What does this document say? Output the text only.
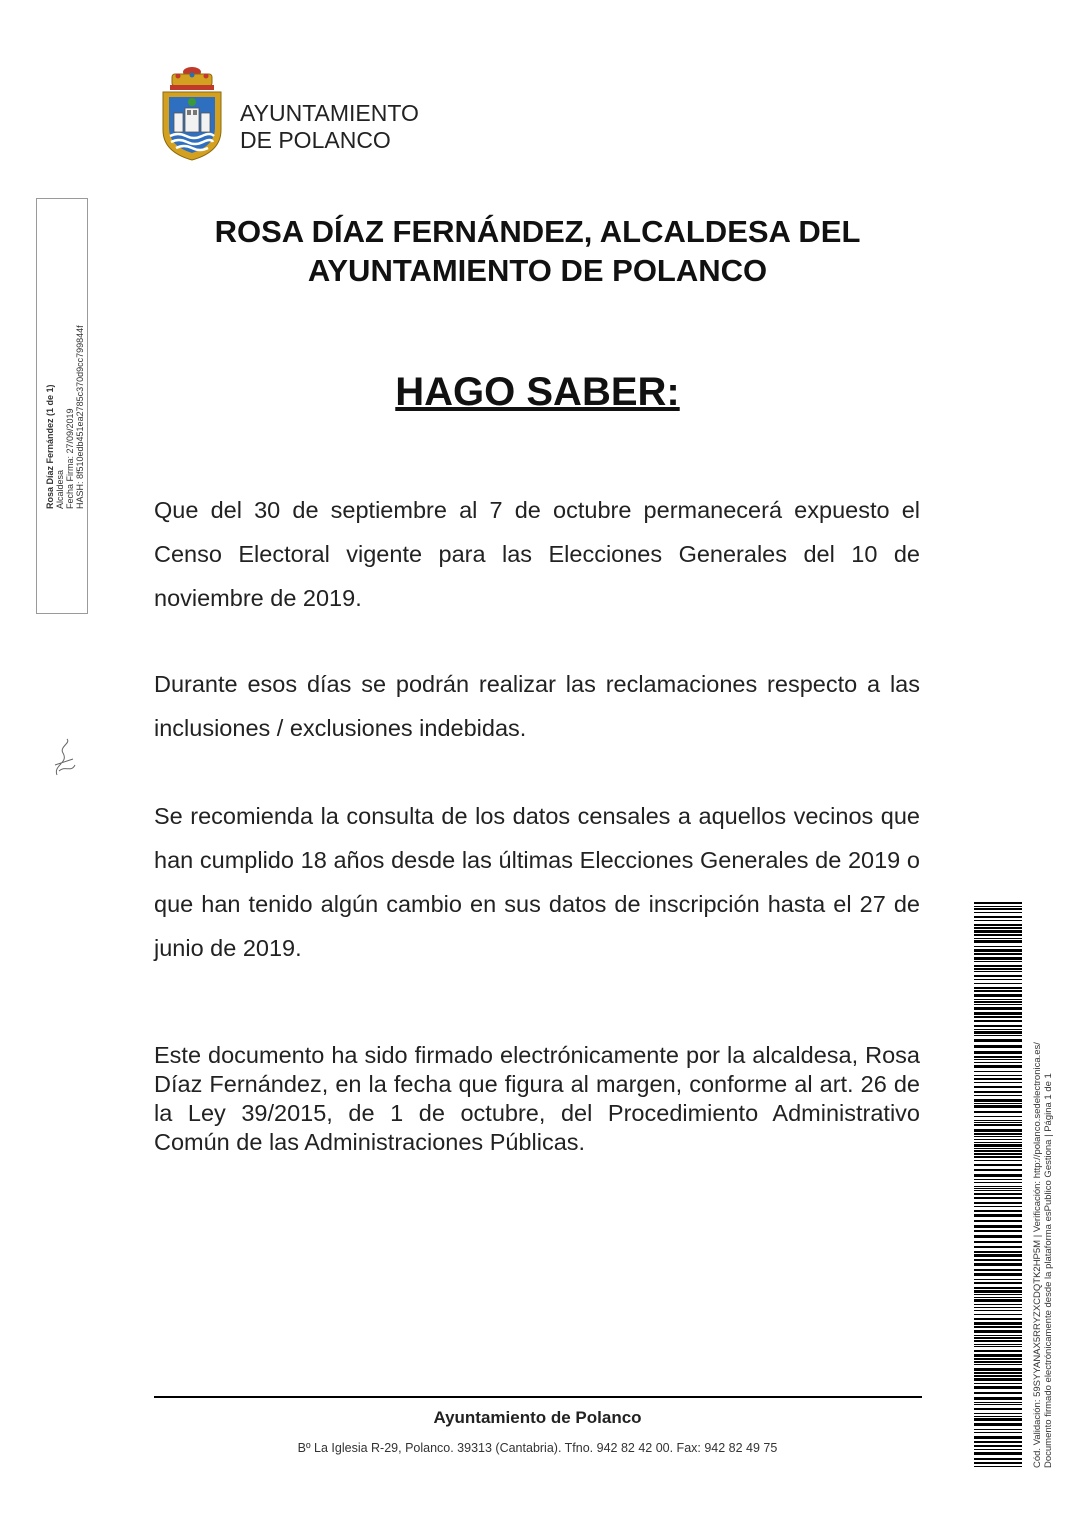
AYUNTAMIENTO
DE POLANCO
Rosa Díaz Fernández (1 de 1) Alcaldesa Fecha Firma: 27/09/2019 HASH: 8f510edb451ea2785c370d9cc799844f
ROSA DÍAZ FERNÁNDEZ, ALCALDESA DEL AYUNTAMIENTO DE POLANCO
HAGO SABER:

Que del 30 de septiembre al 7 de octubre permanecerá expuesto el Censo Electoral vigente para las Elecciones Generales del 10 de noviembre de 2019.

Durante esos días se podrán realizar las reclamaciones respecto a las inclusiones / exclusiones indebidas.

Se recomienda la consulta de los datos censales a aquellos vecinos que han cumplido 18 años desde las últimas Elecciones Generales de 2019 o que han tenido algún cambio en sus datos de inscripción hasta el 27 de junio de 2019.

Este documento ha sido firmado electrónicamente por la alcaldesa, Rosa Díaz Fernández, en la fecha que figura al margen, conforme al art. 26 de la Ley 39/2015, de 1 de octubre, del Procedimiento Administrativo Común de las Administraciones Públicas.

Ayuntamiento de Polanco
Bº La Iglesia R-29, Polanco. 39313 (Cantabria). Tfno. 942 82 42 00. Fax: 942 82 49 75	Cód. Validación: 59SYYANAX5RRYZXCDQTK2HP5M | Verificación: http://polanco.sedelectronica.es/ Documento firmado electrónicamente desde la plataforma esPublico Gestiona | Página 1 de 1
